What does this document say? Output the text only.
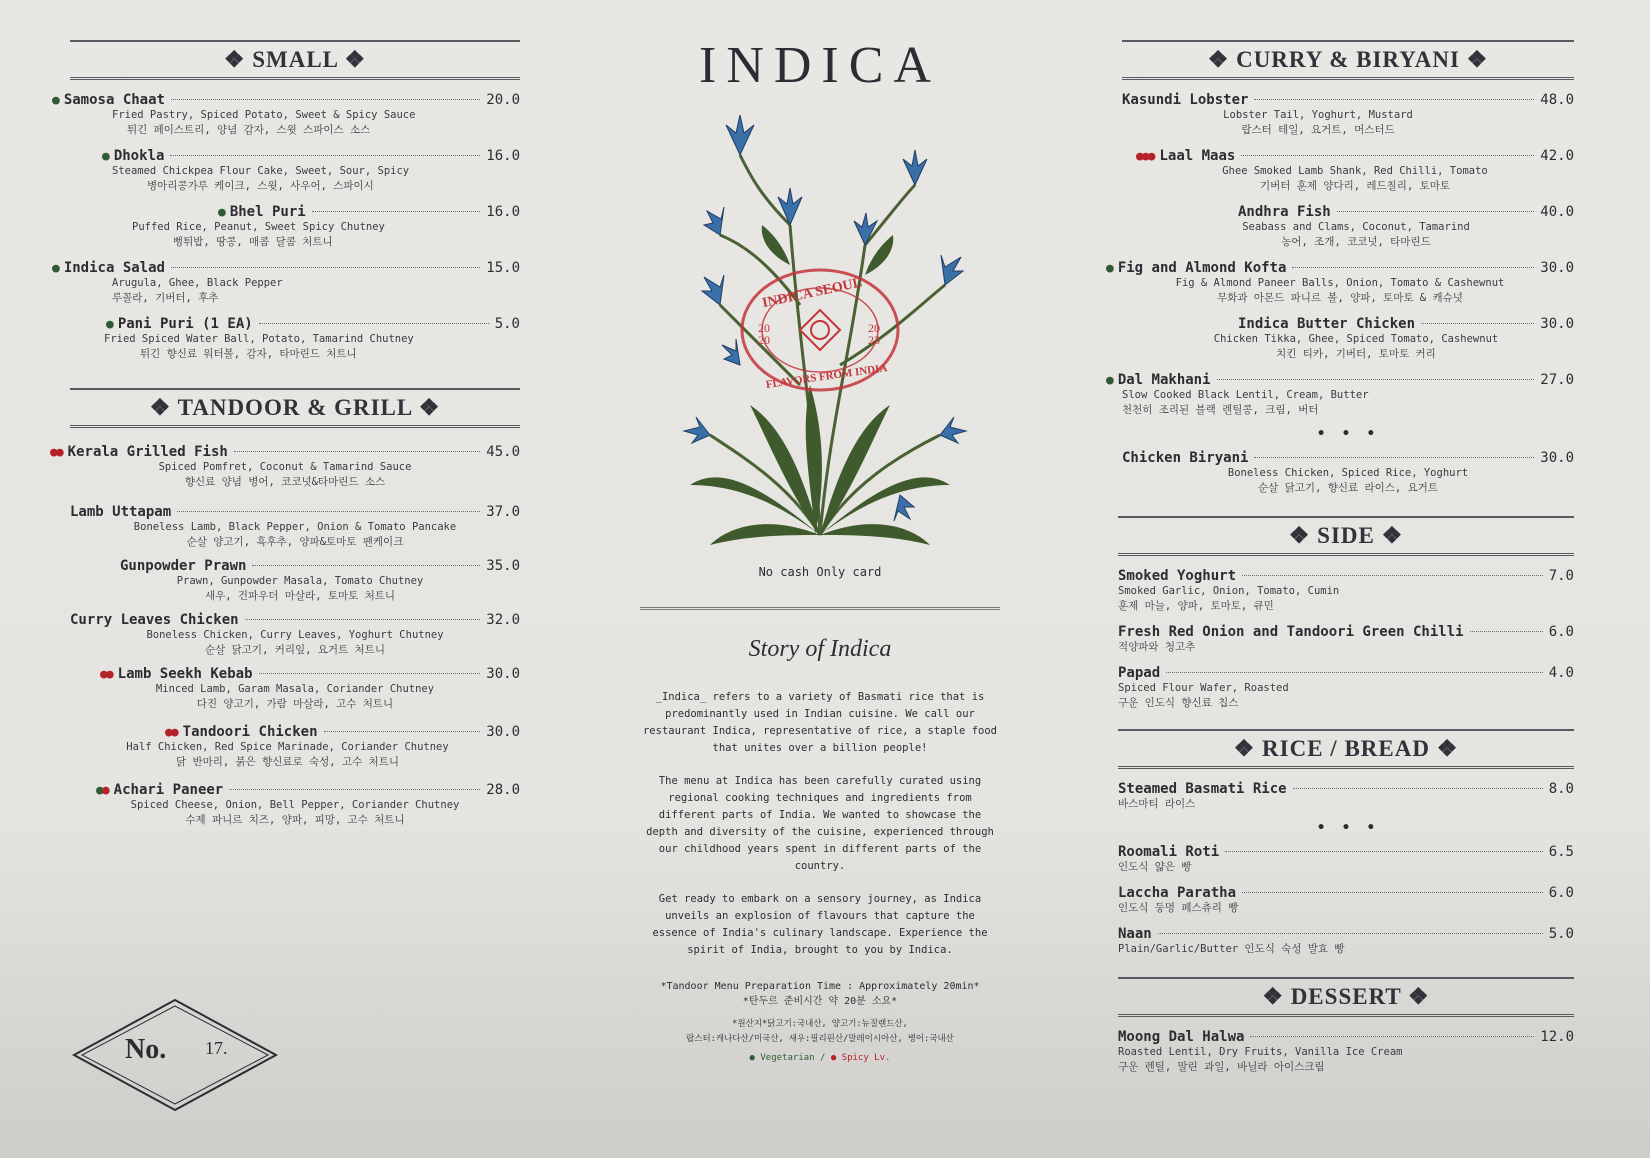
❖ SMALL ❖
● Samosa Chaat	20.0
Fried Pastry, Spiced Potato, Sweet & Spicy Sauce
튀긴 페이스트리, 양념 감자, 스윗 스파이스 소스
● Dhokla	16.0
Steamed Chickpea Flour Cake, Sweet, Sour, Spicy
병아리콩가루 케이크, 스윗, 사우어, 스파이시
● Bhel Puri	16.0
Puffed Rice, Peanut, Sweet Spicy Chutney
뻥튀밥, 땅콩, 매콤 달콤 처트니
● Indica Salad	15.0
Arugula, Ghee, Black Pepper
루꼴라, 기버터, 후추
● Pani Puri (1 EA)	5.0
Fried Spiced Water Ball, Potato, Tamarind Chutney
튀긴 향신료 워터볼, 감자, 타마린드 처트니
❖ TANDOOR & GRILL ❖
●● Kerala Grilled Fish	45.0
Spiced Pomfret, Coconut & Tamarind Sauce
향신료 양념 병어, 코코넛&타마린드 소스
Lamb Uttapam	37.0
Boneless Lamb, Black Pepper, Onion & Tomato Pancake
순살 양고기, 흑후추, 양파&토마토 팬케이크
Gunpowder Prawn	35.0
Prawn, Gunpowder Masala, Tomato Chutney
새우, 건파우더 마살라, 토마토 처트니
Curry Leaves Chicken	32.0
Boneless Chicken, Curry Leaves, Yoghurt Chutney
순살 닭고기, 커리잎, 요거트 처트니
●● Lamb Seekh Kebab	30.0
Minced Lamb, Garam Masala, Coriander Chutney
다진 양고기, 가람 마살라, 고수 처트니
●● Tandoori Chicken	30.0
Half Chicken, Red Spice Marinade, Coriander Chutney
닭 반마리, 붉은 향신료로 숙성, 고수 처트니
●● Achari Paneer	28.0
Spiced Cheese, Onion, Bell Pepper, Coriander Chutney
수제 파니르 치즈, 양파, 피망, 고수 처트니
No. 17.
INDICA
INDICA SEOUL
FLAVORS FROM INDIA
20
20
20
23
No cash Only card
Story of Indica
_Indica_ refers to a variety of Basmati rice that is predominantly used in Indian cuisine. We call our restaurant Indica, representative of rice, a staple food that unites over a billion people!
The menu at Indica has been carefully curated using regional cooking techniques and ingredients from different parts of India. We wanted to showcase the depth and diversity of the cuisine, experienced through our childhood years spent in different parts of the country.
Get ready to embark on a sensory journey, as Indica unveils an explosion of flavours that capture the essence of India's culinary landscape. Experience the spirit of India, brought to you by Indica.
*Tandoor Menu Preparation Time : Approximately 20min*
*탄두르 준비시간 약 20분 소요*
*원산지*닭고기:국내산, 양고기:뉴질랜드산,
랍스터:캐나다산/미국산, 새우:필리핀산/말레이시아산, 병어:국내산
● Vegetarian / ● Spicy Lv.
❖ CURRY & BIRYANI ❖
Kasundi Lobster	48.0
Lobster Tail, Yoghurt, Mustard
랍스터 테일, 요거트, 머스터드
●●● Laal Maas	42.0
Ghee Smoked Lamb Shank, Red Chilli, Tomato
기버터 훈제 양다리, 레드칠리, 토마토
Andhra Fish	40.0
Seabass and Clams, Coconut, Tamarind
농어, 조개, 코코넛, 타마린드
● Fig and Almond Kofta	30.0
Fig & Almond Paneer Balls, Onion, Tomato & Cashewnut
무화과 아몬드 파니르 볼, 양파, 토마토 & 캐슈넛
Indica Butter Chicken	30.0
Chicken Tikka, Ghee, Spiced Tomato, Cashewnut
치킨 티카, 기버터, 토마토 커리
● Dal Makhani	27.0
Slow Cooked Black Lentil, Cream, Butter
천천히 조리된 블랙 렌틸콩, 크림, 버터
• • •
Chicken Biryani	30.0
Boneless Chicken, Spiced Rice, Yoghurt
순살 닭고기, 향신료 라이스, 요거트
❖ SIDE ❖
Smoked Yoghurt	7.0
Smoked Garlic, Onion, Tomato, Cumin
훈제 마늘, 양파, 토마토, 큐민
Fresh Red Onion and Tandoori Green Chilli	6.0
적양파와 청고추
Papad	4.0
Spiced Flour Wafer, Roasted
구운 인도식 향신료 칩스
❖ RICE / BREAD ❖
Steamed Basmati Rice	8.0
바스마티 라이스
• • •
Roomali Roti	6.5
인도식 얇은 빵
Laccha Paratha	6.0
인도식 둥멍 페스츄리 빵
Naan	5.0
Plain/Garlic/Butter 인도식 숙성 발효 빵
❖ DESSERT ❖
Moong Dal Halwa	12.0
Roasted Lentil, Dry Fruits, Vanilla Ice Cream
구운 렌틸, 말린 과일, 바닐라 아이스크림
